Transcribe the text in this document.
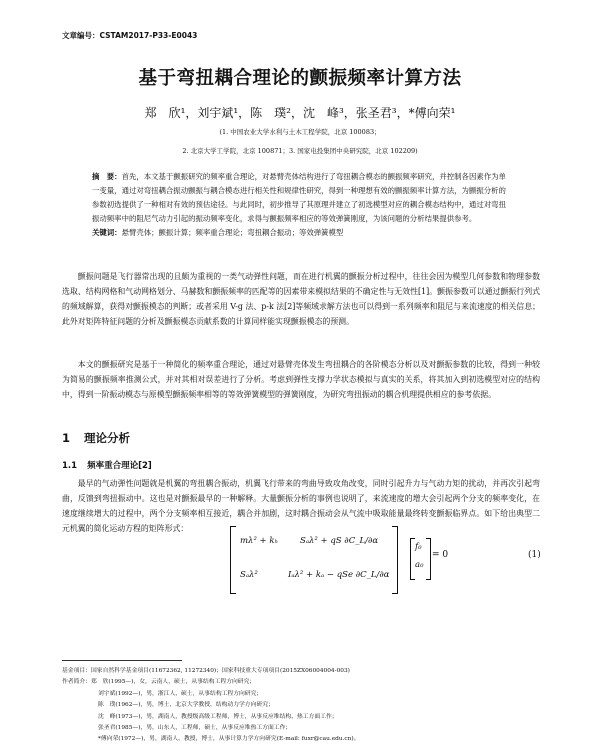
文章编号：CSTAM2017-P33-E0043
基于弯扭耦合理论的颤振频率计算方法
郑　欣¹，刘宇斌¹，陈　璞²，沈　峰³，张圣君³，*傅向荣¹
(1. 中国农业大学水利与土木工程学院，北京 100083；
2. 北京大学工学院，北京 100871；3. 国家电投集团中央研究院，北京 102209)
摘　要：首先，本文基于颤振研究的频率重合理论，对悬臂壳体结构进行了弯扭耦合模态的颤振频率研究，并控制各因素作为单一变量，通过对弯扭耦合振动颤振与耦合模态进行相关性和规律性研究，得到一种理想有效的颤振频率计算方法，为颤振分析的参数初选提供了一种相对有效的预估途径。与此同时，初步推导了其原理并建立了初选模型对应的耦合模态结构中，通过对弯扭振动频率中的阻尼气动力引起的振动频率变化，求得与颤振频率相应的等效弹簧刚度，为该问题的分析结果提供参考。
关键词：悬臂壳体；颤振计算；频率重合理论；弯扭耦合振动；等效弹簧模型

颤振问题是飞行器常出现的且颇为重视的一类气动弹性问题，而在进行机翼的颤振分析过程中，往往会因为模型几何参数和物理参数选取、结构网格和气动网格划分、马赫数和颤振频率的匹配等的因素带来模拟结果的不确定性与无效性[1]。颤振参数可以通过颤振行列式的频域解算，获得对颤振模态的判断；或者采用 V-g 法、p-k 法[2]等频域求解方法也可以得到一系列频率和阻尼与来流速度的相关信息；此外对矩阵特征问题的分析及颤振模态贡献系数的计算同样能实现颤振模态的预测。

本文的颤振研究是基于一种简化的频率重合理论，通过对悬臂壳体发生弯扭耦合的各阶模态分析以及对颤振参数的比较，得到一种较为简易的颤振频率推测公式，并对其相对误差进行了分析。考虑到弹性支撑力学状态模拟与真实的关系，将其加入到初选模型对应的结构中，得到一阶振动模态与原模型颤振频率相等的等效弹簧模型的弹簧刚度，为研究弯扭振动的耦合机理提供相应的参考依据。

1 理论分析
1.1 频率重合理论[2]

最早的气动弹性问题就是机翼的弯扭耦合振动，机翼飞行带来的弯曲导致攻角改变，同时引起升力与气动力矩的扰动，并再次引起弯曲，反馈到弯扭振动中。这也是对颤振最早的一种解释。大量颤振分析的事例也说明了，来流速度的增大会引起两个分支的频率变化，在速度继续增大的过程中，两个分支频率相互接近，耦合并加剧，这时耦合振动会从气流中吸取能量最终转变颤振临界点。如下给出典型二元机翼的简化运动方程的矩阵形式：

mλ² + kₕ	Sₐλ² + qS ∂C_L/∂α
Sₐλ²	Iₐλ² + kₐ − qSe ∂C_L/∂α
f₀
a₀
= 0	(1)
基金项目：国家自然科学基金项目(11672362, 11272340)；国家科技重大专项项目(2015ZX06004004-003)
作者简介：郑　欣(1995—)，女，云南人，硕士，从事结构工程方向研究；
刘宇斌(1992—)，男，浙江人，硕士，从事结构工程方向研究；
陈　璞(1962—)，男，博士，北京大学教授，结构动力学方向研究；
沈　峰(1973—)，男，湖南人，教授级高级工程师，博士，从事反应堆结构、热工方面工作；
张圣君(1985—)，男，山东人，工程师，硕士，从事反应堆热工方面工作；
*傅向荣(1972—)，男，湖南人，教授，博士，从事计算力学方向研究(E-mail: fuxr@cau.edu.cn)。
